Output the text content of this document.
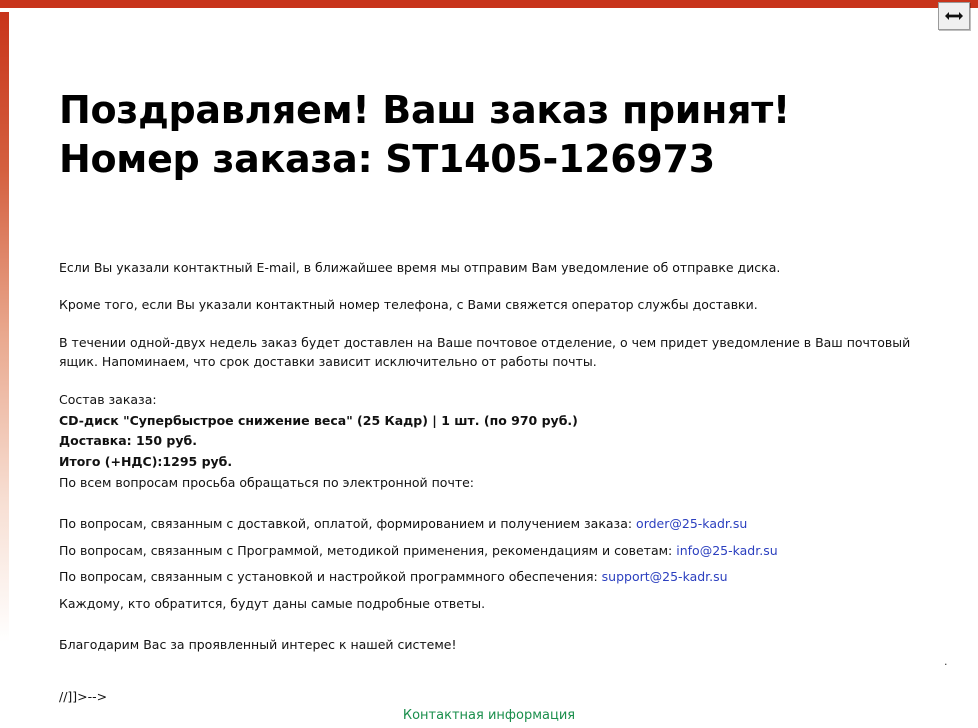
Поздравляем! Ваш заказ принят!
Номер заказа: ST1405-126973

Если Вы указали контактный E-mail, в ближайшее время мы отправим Вам уведомление об отправке диска.

Кроме того, если Вы указали контактный номер телефона, с Вами свяжется оператор службы доставки.

В течении одной-двух недель заказ будет доставлен на Ваше почтовое отделение, о чем придет уведомление в Ваш почтовый ящик. Напоминаем, что срок доставки зависит исключительно от работы почты.

Состав заказа:

CD-диск "Супербыстрое снижение веса" (25 Кадр) | 1 шт. (по 970 руб.)

Доставка: 150 руб.

Итого (+НДС):1295 руб.

По всем вопросам просьба обращаться по электронной почте:

По вопросам, связанным с доставкой, оплатой, формированием и получением заказа: order@25-kadr.su
По вопросам, связанным с Программой, методикой применения, рекомендациям и советам: info@25-kadr.su
По вопросам, связанным с установкой и настройкой программного обеспечения: support@25-kadr.su
Каждому, кто обратится, будут даны самые подробные ответы.

Благодарим Вас за проявленный интерес к нашей системе!

.
//]]>-->
Контактная информация
